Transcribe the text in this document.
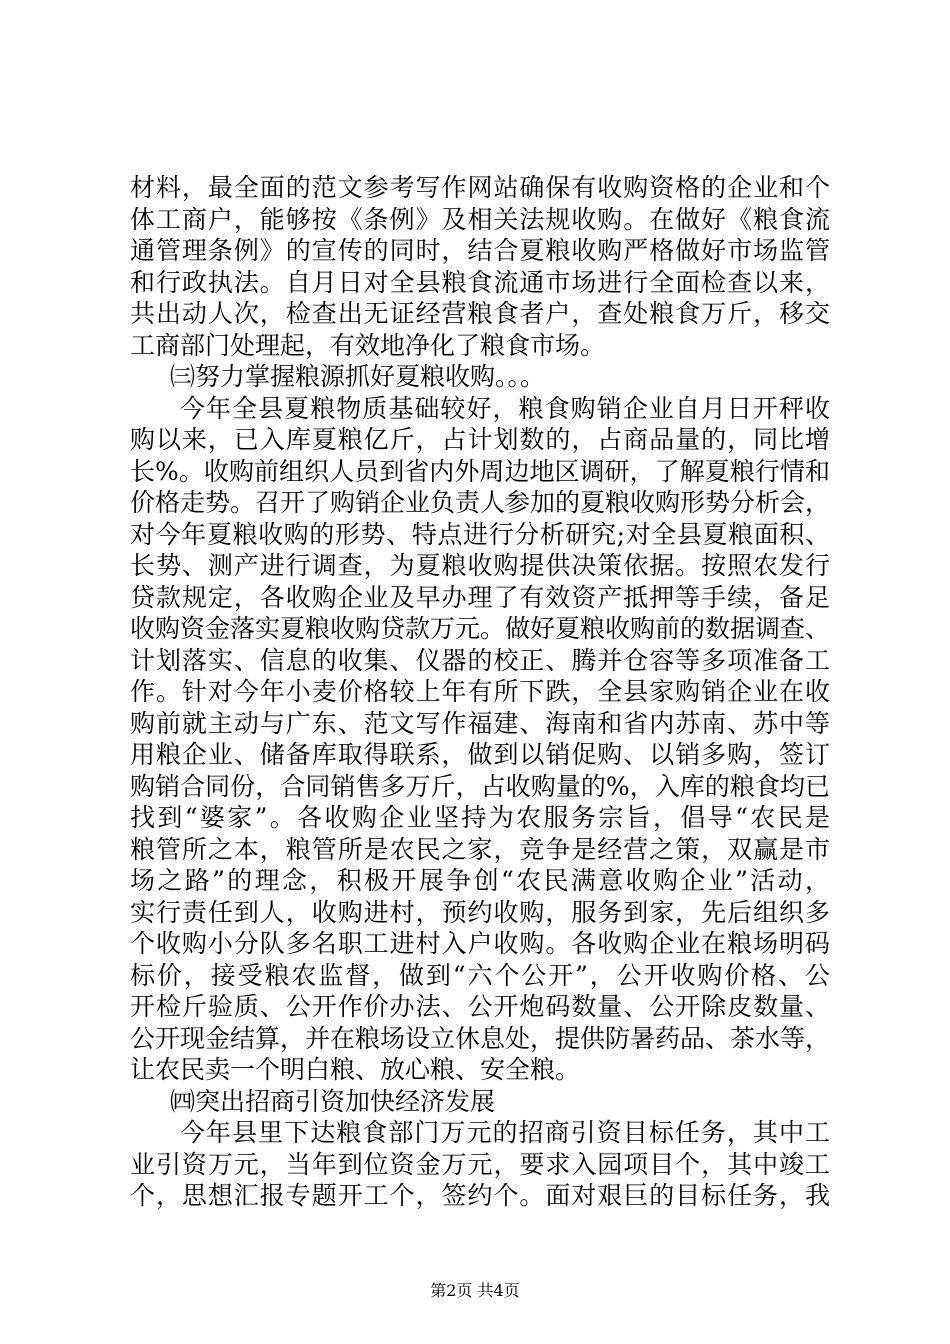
材料，最全面的范文参考写作网站确保有收购资格的企业和个
体工商户，能够按《条例》及相关法规收购。在做好《粮食流
通管理条例》的宣传的同时，结合夏粮收购严格做好市场监管
和行政执法。自月日对全县粮食流通市场进行全面检查以来，
共出动人次，检查出无证经营粮食者户，查处粮食万斤，移交
工商部门处理起，有效地净化了粮食市场。
㈢努力掌握粮源抓好夏粮收购。。。
今年全县夏粮物质基础较好，粮食购销企业自月日开秤收
购以来，已入库夏粮亿斤，占计划数的，占商品量的，同比增
长%。收购前组织人员到省内外周边地区调研，了解夏粮行情和
价格走势。召开了购销企业负责人参加的夏粮收购形势分析会，
对今年夏粮收购的形势、特点进行分析研究;对全县夏粮面积、
长势、测产进行调查，为夏粮收购提供决策依据。按照农发行
贷款规定，各收购企业及早办理了有效资产抵押等手续，备足
收购资金落实夏粮收购贷款万元。做好夏粮收购前的数据调查、
计划落实、信息的收集、仪器的校正、腾并仓容等多项准备工
作。针对今年小麦价格较上年有所下跌，全县家购销企业在收
购前就主动与广东、范文写作福建、海南和省内苏南、苏中等
用粮企业、储备库取得联系，做到以销促购、以销多购，签订
购销合同份，合同销售多万斤，占收购量的%，入库的粮食均已
找到“婆家”。各收购企业坚持为农服务宗旨，倡导“农民是
粮管所之本，粮管所是农民之家，竞争是经营之策，双赢是市
场之路”的理念，积极开展争创“农民满意收购企业”活动，
实行责任到人，收购进村，预约收购，服务到家，先后组织多
个收购小分队多名职工进村入户收购。各收购企业在粮场明码
标价，接受粮农监督，做到“六个公开”，公开收购价格、公
开检斤验质、公开作价办法、公开炮码数量、公开除皮数量、
公开现金结算，并在粮场设立休息处，提供防暑药品、茶水等，
让农民卖一个明白粮、放心粮、安全粮。
㈣突出招商引资加快经济发展
今年县里下达粮食部门万元的招商引资目标任务，其中工
业引资万元，当年到位资金万元，要求入园项目个，其中竣工
个，思想汇报专题开工个，签约个。面对艰巨的目标任务，我
第2页 共4页
